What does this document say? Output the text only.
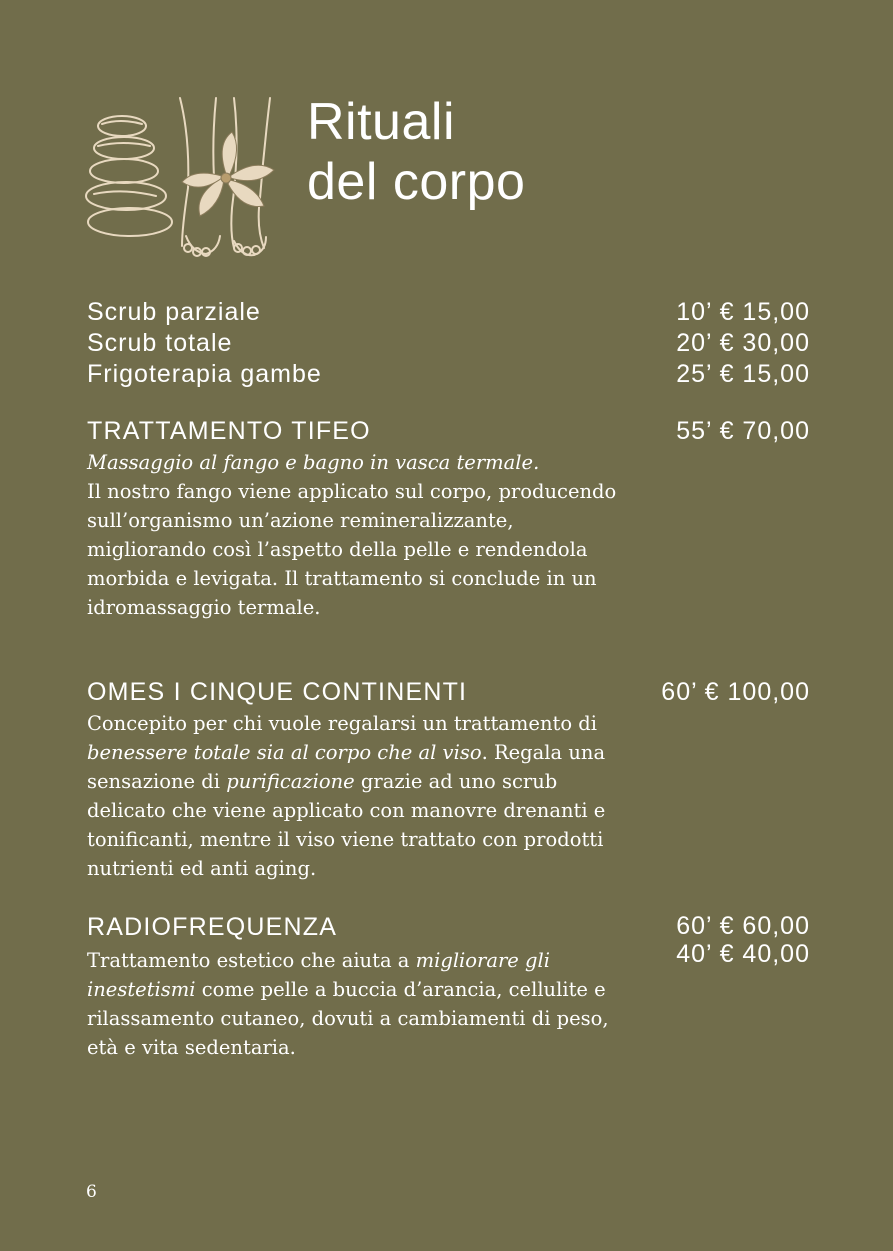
Rituali
del corpo
Scrub parziale	10’ € 15,00
Scrub totale	20’ € 30,00
Frigoterapia gambe	25’ € 15,00
TRATTAMENTO TIFEO	55’ € 70,00
Massaggio al fango e bagno in vasca termale.
Il nostro fango viene applicato sul corpo, producendo sull’organismo un’azione remineralizzante, migliorando così l’aspetto della pelle e rendendola morbida e levigata. Il trattamento si conclude in un idromassaggio termale.
OMES I CINQUE CONTINENTI	60’ € 100,00
Concepito per chi vuole regalarsi un trattamento di benessere totale sia al corpo che al viso. Regala una sensazione di purificazione grazie ad uno scrub delicato che viene applicato con manovre drenanti e tonificanti, mentre il viso viene trattato con prodotti nutrienti ed anti aging.
RADIOFREQUENZA	60’ € 60,00
40’ € 40,00
Trattamento estetico che aiuta a migliorare gli inestetismi come pelle a buccia d’arancia, cellulite e rilassamento cutaneo, dovuti a cambiamenti di peso, età e vita sedentaria.
6
